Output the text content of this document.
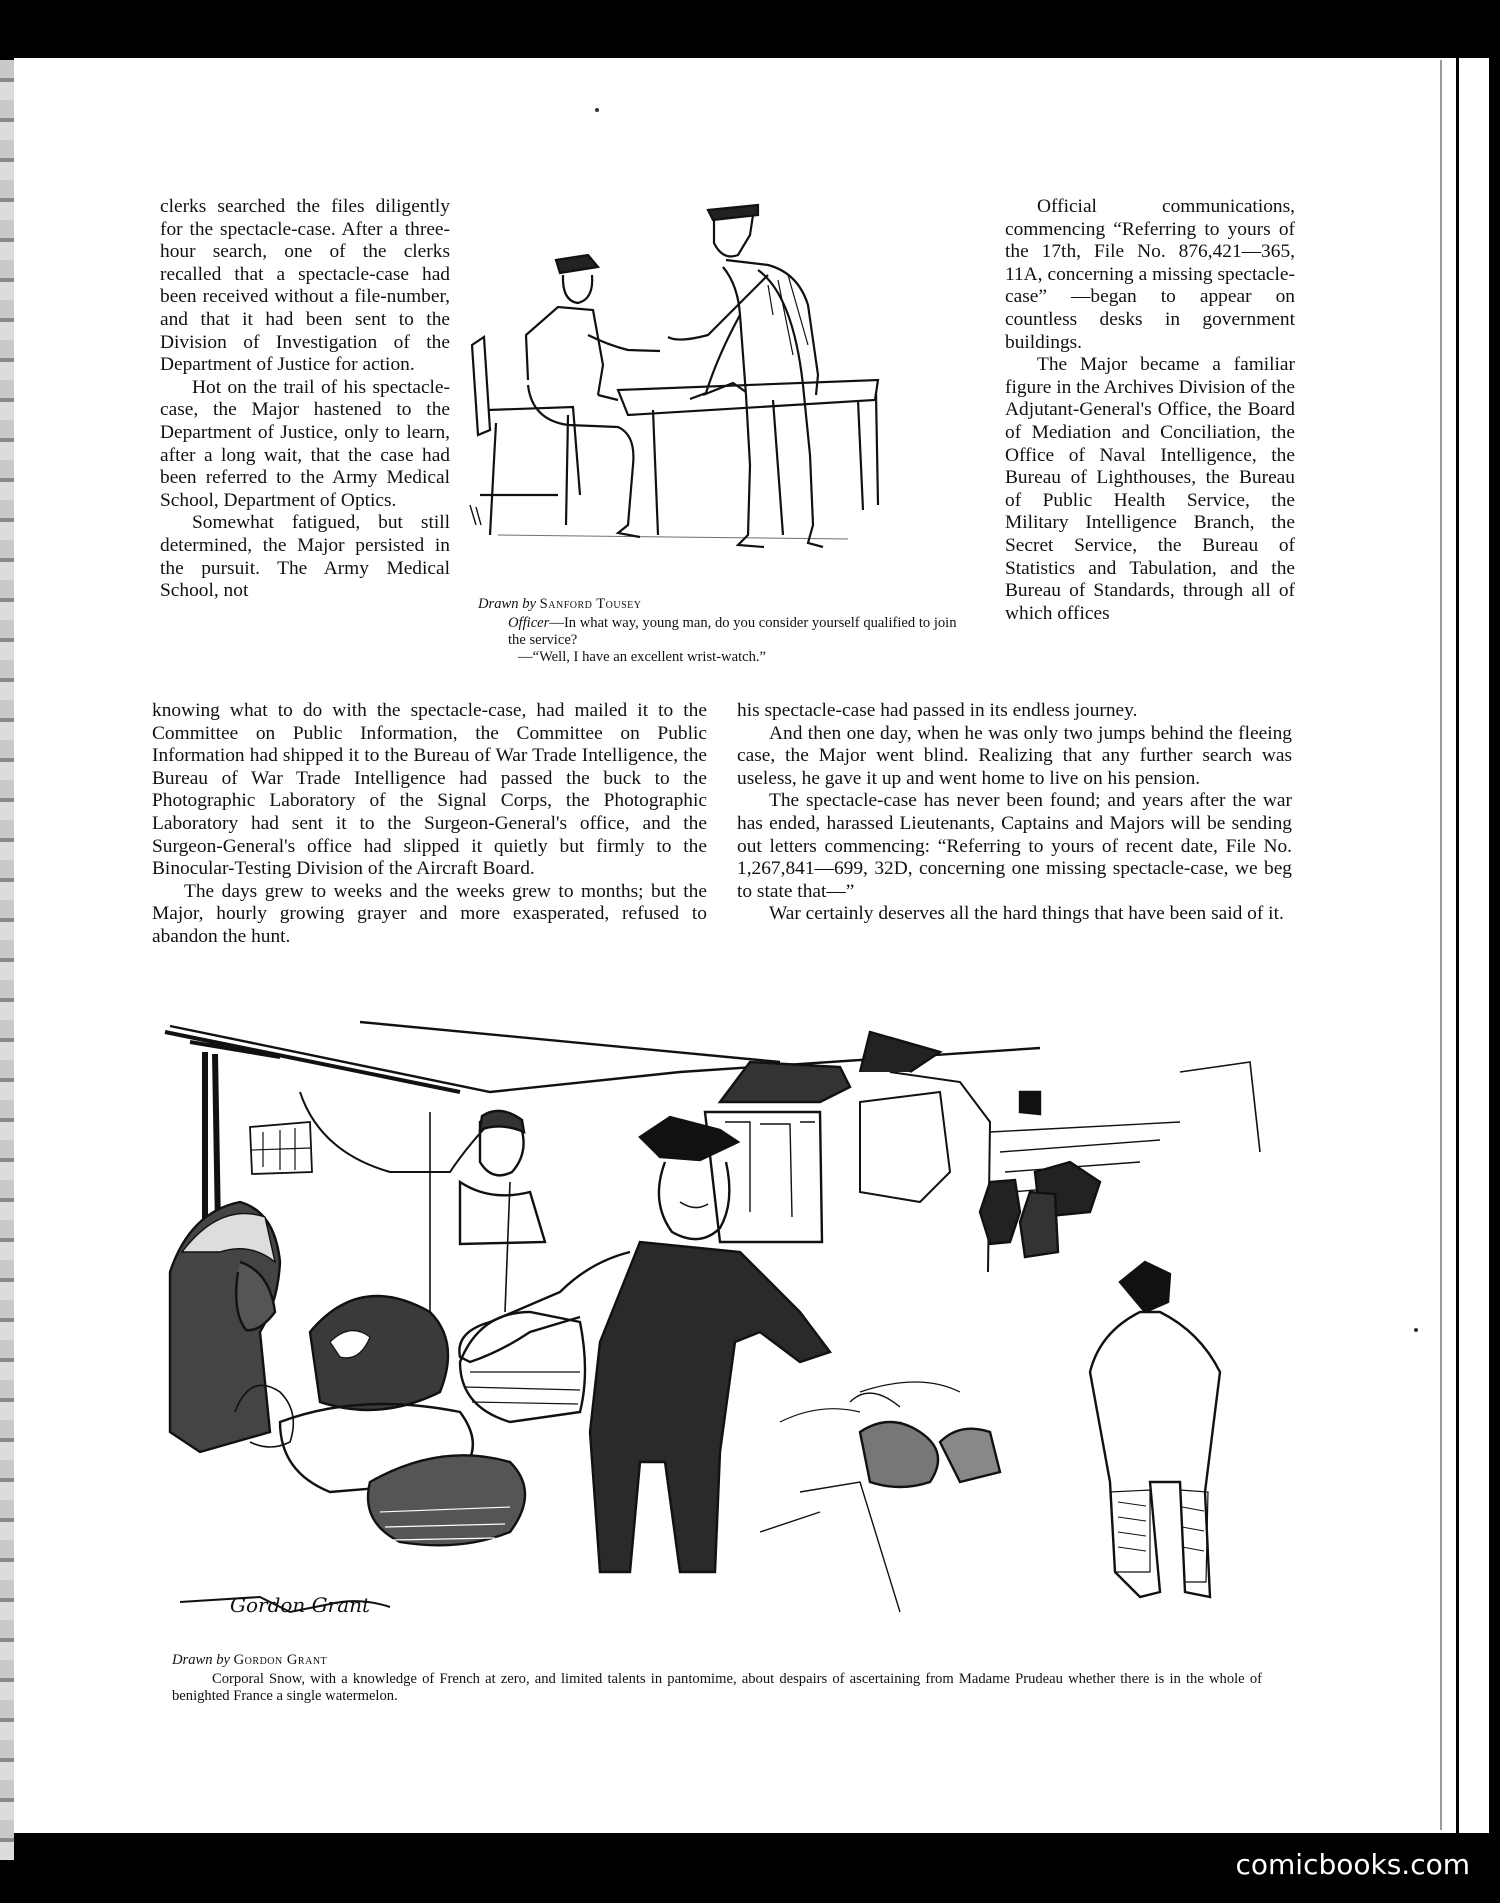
clerks searched the files diligently for the spectacle-case. After a three-hour search, one of the clerks recalled that a spectacle-case had been received without a file-number, and that it had been sent to the Division of Investigation of the Department of Justice for action.

Hot on the trail of his spectacle-case, the Major hastened to the Department of Justice, only to learn, after a long wait, that the case had been referred to the Army Medical School, Department of Optics.

Somewhat fatigued, but still determined, the Major persisted in the pursuit. The Army Medical School, not

Official communications, commencing “Referring to yours of the 17th, File No. 876,421—365, 11A, concerning a missing spectacle-case” —began to appear on countless desks in government buildings.

The Major became a familiar figure in the Archives Division of the Adjutant-General's Office, the Board of Mediation and Conciliation, the Office of Naval Intelligence, the Bureau of Lighthouses, the Bureau of Public Health Service, the Military Intelligence Branch, the Secret Service, the Bureau of Statistics and Tabulation, and the Bureau of Standards, through all of which offices

Drawn by Sanford Tousey
Officer—In what way, young man, do you consider yourself qualified to join the service?
—“Well, I have an excellent wrist-watch.”

knowing what to do with the spectacle-case, had mailed it to the Committee on Public Information, the Committee on Public Information had shipped it to the Bureau of War Trade Intelligence, the Bureau of War Trade Intelligence had passed the buck to the Photographic Laboratory of the Signal Corps, the Photographic Laboratory had sent it to the Surgeon-General's office, and the Surgeon-General's office had slipped it quietly but firmly to the Binocular-Testing Division of the Aircraft Board.

The days grew to weeks and the weeks grew to months; but the Major, hourly growing grayer and more exasperated, refused to abandon the hunt.

his spectacle-case had passed in its endless journey.

And then one day, when he was only two jumps behind the fleeing case, the Major went blind. Realizing that any further search was useless, he gave it up and went home to live on his pension.

The spectacle-case has never been found; and years after the war has ended, harassed Lieutenants, Captains and Majors will be sending out letters commencing: “Referring to yours of recent date, File No. 1,267,841—699, 32D, concerning one missing spectacle-case, we beg to state that—”

War certainly deserves all the hard things that have been said of it.

Gordon Grant
Drawn by Gordon Grant
Corporal Snow, with a knowledge of French at zero, and limited talents in pantomime, about despairs of ascertaining from Madame Prudeau whether there is in the whole of benighted France a single watermelon.
comicbooks.com
